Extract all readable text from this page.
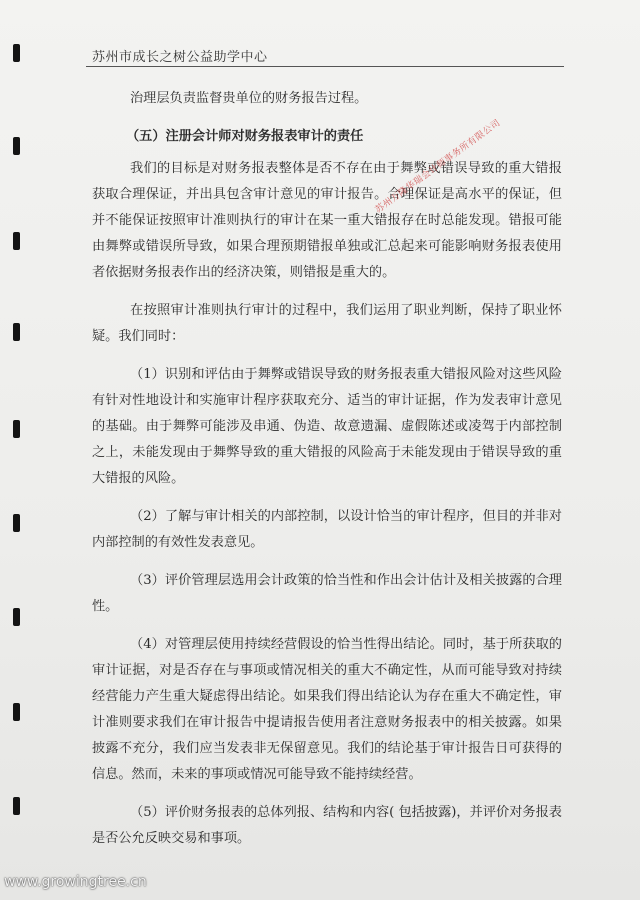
苏州市成长之树公益助学中心

治理层负责监督贵单位的财务报告过程。

（五）注册会计师对财务报表审计的责任

我们的目标是对财务报表整体是否不存在由于舞弊或错误导致的重大错报获取合理保证，并出具包含审计意见的审计报告。合理保证是高水平的保证，但并不能保证按照审计准则执行的审计在某一重大错报存在时总能发现。错报可能由舞弊或错误所导致，如果合理预期错报单独或汇总起来可能影响财务报表使用者依据财务报表作出的经济决策，则错报是重大的。

在按照审计准则执行审计的过程中，我们运用了职业判断，保持了职业怀疑。我们同时：

（1）识别和评估由于舞弊或错误导致的财务报表重大错报风险对这些风险有针对性地设计和实施审计程序获取充分、适当的审计证据，作为发表审计意见的基础。由于舞弊可能涉及串通、伪造、故意遗漏、虚假陈述或凌驾于内部控制之上，未能发现由于舞弊导致的重大错报的风险高于未能发现由于错误导致的重大错报的风险。

（2）了解与审计相关的内部控制，以设计恰当的审计程序，但目的并非对内部控制的有效性发表意见。

（3）评价管理层选用会计政策的恰当性和作出会计估计及相关披露的合理性。

（4）对管理层使用持续经营假设的恰当性得出结论。同时，基于所获取的审计证据，对是否存在与事项或情况相关的重大不确定性，从而可能导致对持续经营能力产生重大疑虑得出结论。如果我们得出结论认为存在重大不确定性，审计准则要求我们在审计报告中提请报告使用者注意财务报表中的相关披露。如果披露不充分，我们应当发表非无保留意见。我们的结论基于审计报告日可获得的信息。然而，未来的事项或情况可能导致不能持续经营。

（5）评价财务报表的总体列报、结构和内容( 包括披露)，并评价对务报表是否公允反映交易和事项。

苏州万隆华瑞会计师事务所有限公司
www.growingtree.cn
